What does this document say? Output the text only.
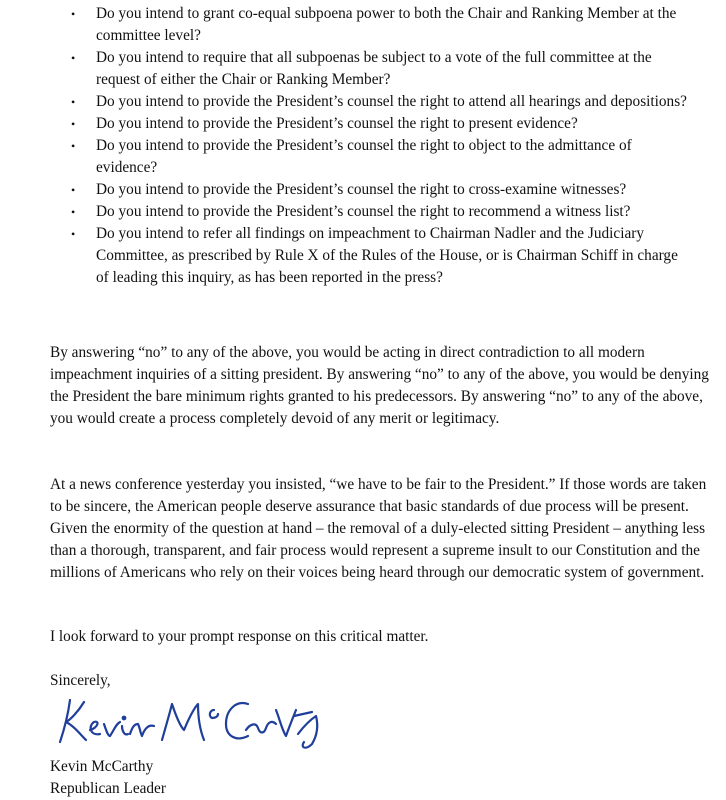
• Do you intend to grant co-equal subpoena power to both the Chair and Ranking Member at the committee level?
• Do you intend to require that all subpoenas be subject to a vote of the full committee at the request of either the Chair or Ranking Member?
• Do you intend to provide the President’s counsel the right to attend all hearings and depositions?
• Do you intend to provide the President’s counsel the right to present evidence?
• Do you intend to provide the President’s counsel the right to object to the admittance of evidence?
• Do you intend to provide the President’s counsel the right to cross-examine witnesses?
• Do you intend to provide the President’s counsel the right to recommend a witness list?
• Do you intend to refer all findings on impeachment to Chairman Nadler and the Judiciary Committee, as prescribed by Rule X of the Rules of the House, or is Chairman Schiff in charge of leading this inquiry, as has been reported in the press?

By answering “no” to any of the above, you would be acting in direct contradiction to all modern impeachment inquiries of a sitting president. By answering “no” to any of the above, you would be denying the President the bare minimum rights granted to his predecessors. By answering “no” to any of the above, you would create a process completely devoid of any merit or legitimacy.

At a news conference yesterday you insisted, “we have to be fair to the President.” If those words are taken to be sincere, the American people deserve assurance that basic standards of due process will be present. Given the enormity of the question at hand – the removal of a duly-elected sitting President – anything less than a thorough, transparent, and fair process would represent a supreme insult to our Constitution and the millions of Americans who rely on their voices being heard through our democratic system of government.

I look forward to your prompt response on this critical matter.

Sincerely,

Kevin McCarthy

Republican Leader
